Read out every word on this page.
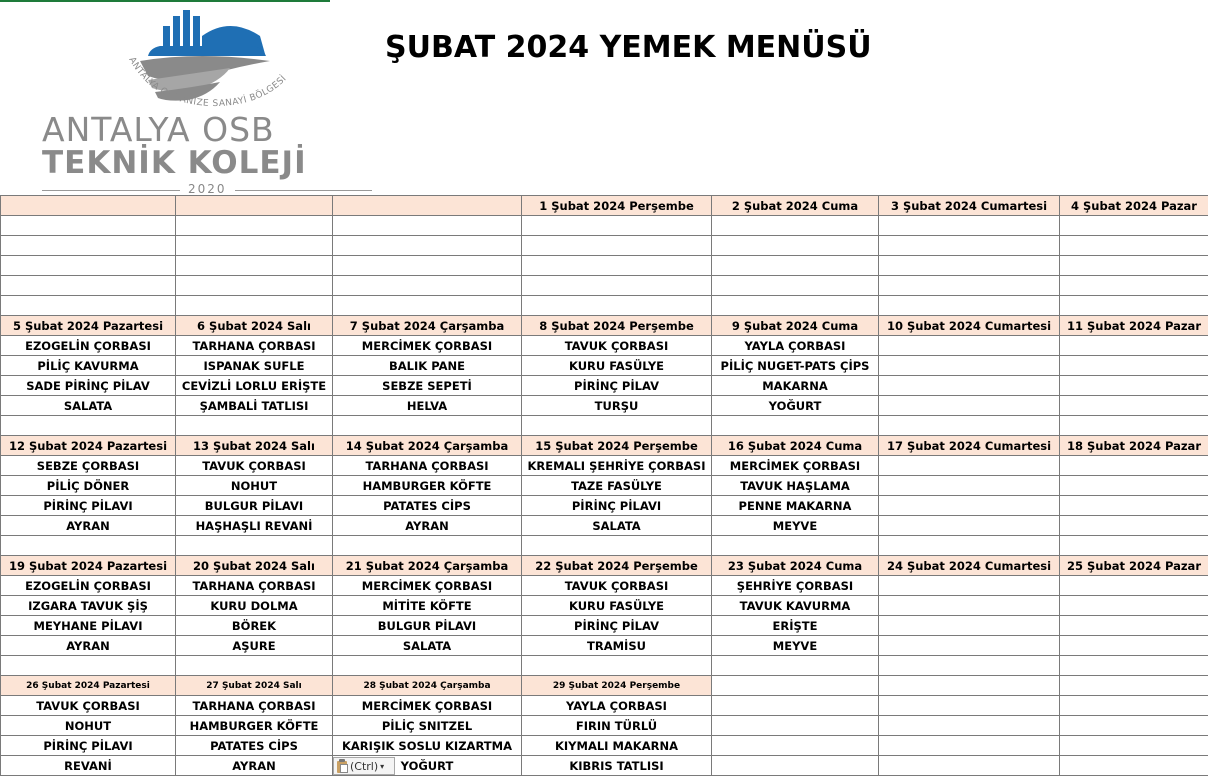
ANTALYA ORGANİZE SANAYİ BÖLGESİ
ANTALYA OSB
TEKNİK KOLEJİ
2020
ŞUBAT 2024 YEMEK MENÜSÜ
			1 Şubat 2024 Perşembe	2 Şubat 2024 Cuma	3 Şubat 2024 Cumartesi	4 Şubat 2024 Pazar

5 Şubat 2024 Pazartesi	6 Şubat 2024 Salı	7 Şubat 2024 Çarşamba	8 Şubat 2024 Perşembe	9 Şubat 2024 Cuma	10 Şubat 2024 Cumartesi	11 Şubat 2024 Pazar
EZOGELİN ÇORBASI	TARHANA ÇORBASI	MERCİMEK ÇORBASI	TAVUK ÇORBASI	YAYLA ÇORBASI		
PİLİÇ KAVURMA	ISPANAK SUFLE	BALIK PANE	KURU FASÜLYE	PİLİÇ NUGET-PATS ÇİPS		
SADE PİRİNÇ PİLAV	CEVİZLİ LORLU ERİŞTE	SEBZE SEPETİ	PİRİNÇ PİLAV	MAKARNA		
SALATA	ŞAMBALİ TATLISI	HELVA	TURŞU	YOĞURT		

12 Şubat 2024 Pazartesi	13 Şubat 2024 Salı	14 Şubat 2024 Çarşamba	15 Şubat 2024 Perşembe	16 Şubat 2024 Cuma	17 Şubat 2024 Cumartesi	18 Şubat 2024 Pazar
SEBZE ÇORBASI	TAVUK ÇORBASI	TARHANA ÇORBASI	KREMALI ŞEHRİYE ÇORBASI	MERCİMEK ÇORBASI		
PİLİÇ DÖNER	NOHUT	HAMBURGER KÖFTE	TAZE FASÜLYE	TAVUK HAŞLAMA		
PİRİNÇ PİLAVI	BULGUR PİLAVI	PATATES CİPS	PİRİNÇ PİLAVI	PENNE MAKARNA		
AYRAN	HAŞHAŞLI REVANİ	AYRAN	SALATA	MEYVE		

19 Şubat 2024 Pazartesi	20 Şubat 2024 Salı	21 Şubat 2024 Çarşamba	22 Şubat 2024 Perşembe	23 Şubat 2024 Cuma	24 Şubat 2024 Cumartesi	25 Şubat 2024 Pazar
EZOGELİN ÇORBASI	TARHANA ÇORBASI	MERCİMEK ÇORBASI	TAVUK ÇORBASI	ŞEHRİYE ÇORBASI		
IZGARA TAVUK ŞİŞ	KURU DOLMA	MİTİTE KÖFTE	KURU FASÜLYE	TAVUK KAVURMA		
MEYHANE PİLAVI	BÖREK	BULGUR PİLAVI	PİRİNÇ PİLAV	ERİŞTE		
AYRAN	AŞURE	SALATA	TRAMİSU	MEYVE		

26 Şubat 2024 Pazartesi	27 Şubat 2024 Salı	28 Şubat 2024 Çarşamba	29 Şubat 2024 Perşembe			
TAVUK ÇORBASI	TARHANA ÇORBASI	MERCİMEK ÇORBASI	YAYLA ÇORBASI			
NOHUT	HAMBURGER KÖFTE	PİLİÇ SNITZEL	FIRIN TÜRLÜ			
PİRİNÇ PİLAVI	PATATES CİPS	KARIŞIK SOSLU KIZARTMA	KIYMALI MAKARNA			
REVANİ	AYRAN	YOĞURT	KIBRIS TATLISI			
(Ctrl) ▾
